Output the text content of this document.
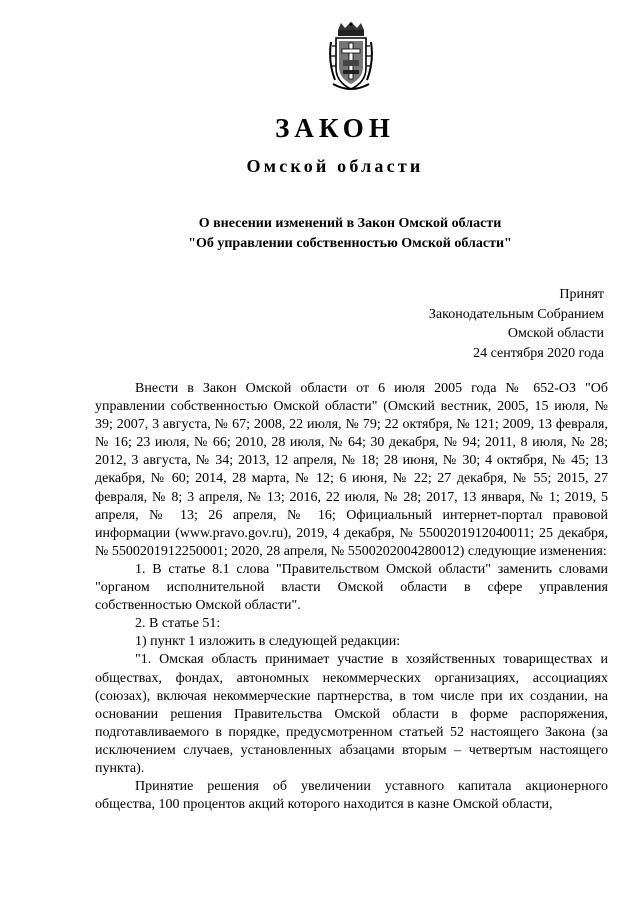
ЗАКОН
Омской области
О внесении изменений в Закон Омской области
"Об управлении собственностью Омской области"
Принят
Законодательным Собранием
Омской области
24 сентября 2020 года

Внести в Закон Омской области от 6 июля 2005 года № 652-ОЗ "Об управлении собственностью Омской области" (Омский вестник, 2005, 15 июля, № 39; 2007, 3 августа, № 67; 2008, 22 июля, № 79; 22 октября, № 121; 2009, 13 февраля, № 16; 23 июля, № 66; 2010, 28 июля, № 64; 30 декабря, № 94; 2011, 8 июля, № 28; 2012, 3 августа, № 34; 2013, 12 апреля, № 18; 28 июня, № 30; 4 октября, № 45; 13 декабря, № 60; 2014, 28 марта, № 12; 6 июня, № 22; 27 декабря, № 55; 2015, 27 февраля, № 8; 3 апреля, № 13; 2016, 22 июля, № 28; 2017, 13 января, № 1; 2019, 5 апреля, № 13; 26 апреля, № 16; Официальный интернет-портал правовой информации (www.pravo.gov.ru), 2019, 4 декабря, № 5500201912040011; 25 декабря, № 5500201912250001; 2020, 28 апреля, № 5500202004280012) следующие изменения:

1. В статье 8.1 слова "Правительством Омской области" заменить словами "органом исполнительной власти Омской области в сфере управления собственностью Омской области".

2. В статье 51:

1) пункт 1 изложить в следующей редакции:

"1. Омская область принимает участие в хозяйственных товариществах и обществах, фондах, автономных некоммерческих организациях, ассоциациях (союзах), включая некоммерческие партнерства, в том числе при их создании, на основании решения Правительства Омской области в форме распоряжения, подготавливаемого в порядке, предусмотренном статьей 52 настоящего Закона (за исключением случаев, установленных абзацами вторым – четвертым настоящего пункта).

Принятие решения об увеличении уставного капитала акционерного общества, 100 процентов акций которого находится в казне Омской области,
